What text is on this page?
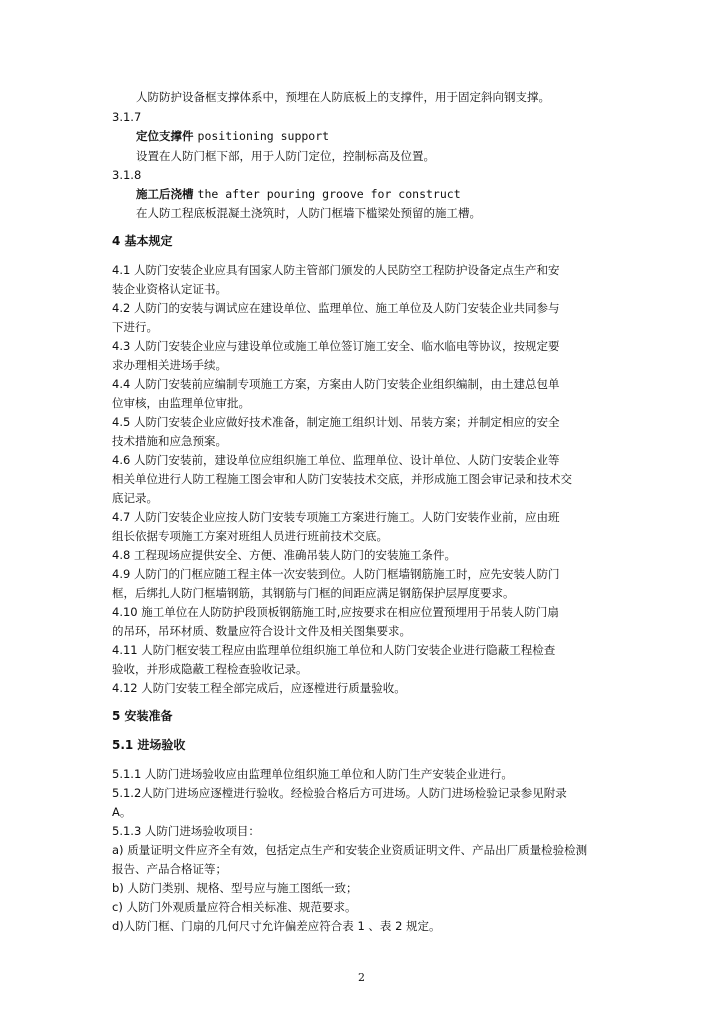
人防防护设备框支撑体系中，预埋在人防底板上的支撑件，用于固定斜向钢支撑。
3.1.7
定位支撑件 positioning support
设置在人防门框下部，用于人防门定位，控制标高及位置。
3.1.8
施工后浇槽 the after pouring groove for construct
在人防工程底板混凝土浇筑时，人防门框墙下槛梁处预留的施工槽。
4 基本规定
4.1 人防门安装企业应具有国家人防主管部门颁发的人民防空工程防护设备定点生产和安
装企业资格认定证书。
4.2 人防门的安装与调试应在建设单位、监理单位、施工单位及人防门安装企业共同参与
下进行。
4.3 人防门安装企业应与建设单位或施工单位签订施工安全、临水临电等协议，按规定要
求办理相关进场手续。
4.4 人防门安装前应编制专项施工方案，方案由人防门安装企业组织编制，由土建总包单
位审核，由监理单位审批。
4.5 人防门安装企业应做好技术准备，制定施工组织计划、吊装方案；并制定相应的安全
技术措施和应急预案。
4.6 人防门安装前，建设单位应组织施工单位、监理单位、设计单位、人防门安装企业等
相关单位进行人防工程施工图会审和人防门安装技术交底，并形成施工图会审记录和技术交
底记录。
4.7 人防门安装企业应按人防门安装专项施工方案进行施工。人防门安装作业前，应由班
组长依据专项施工方案对班组人员进行班前技术交底。
4.8 工程现场应提供安全、方便、准确吊装人防门的安装施工条件。
4.9 人防门的门框应随工程主体一次安装到位。人防门框墙钢筋施工时，应先安装人防门
框，后绑扎人防门框墙钢筋，其钢筋与门框的间距应满足钢筋保护层厚度要求。
4.10 施工单位在人防防护段顶板钢筋施工时,应按要求在相应位置预埋用于吊装人防门扇
的吊环，吊环材质、数量应符合设计文件及相关图集要求。
4.11 人防门框安装工程应由监理单位组织施工单位和人防门安装企业进行隐蔽工程检查
验收，并形成隐蔽工程检查验收记录。
4.12 人防门安装工程全部完成后，应逐樘进行质量验收。
5 安装准备
5.1 进场验收
5.1.1 人防门进场验收应由监理单位组织施工单位和人防门生产安装企业进行。
5.1.2人防门进场应逐樘进行验收。经检验合格后方可进场。人防门进场检验记录参见附录
A。
5.1.3 人防门进场验收项目：
a) 质量证明文件应齐全有效，包括定点生产和安装企业资质证明文件、产品出厂质量检验检测
报告、产品合格证等；
b) 人防门类别、规格、型号应与施工图纸一致；
c) 人防门外观质量应符合相关标准、规范要求。
d)人防门框、门扇的几何尺寸允许偏差应符合表 1 、表 2 规定。
2
